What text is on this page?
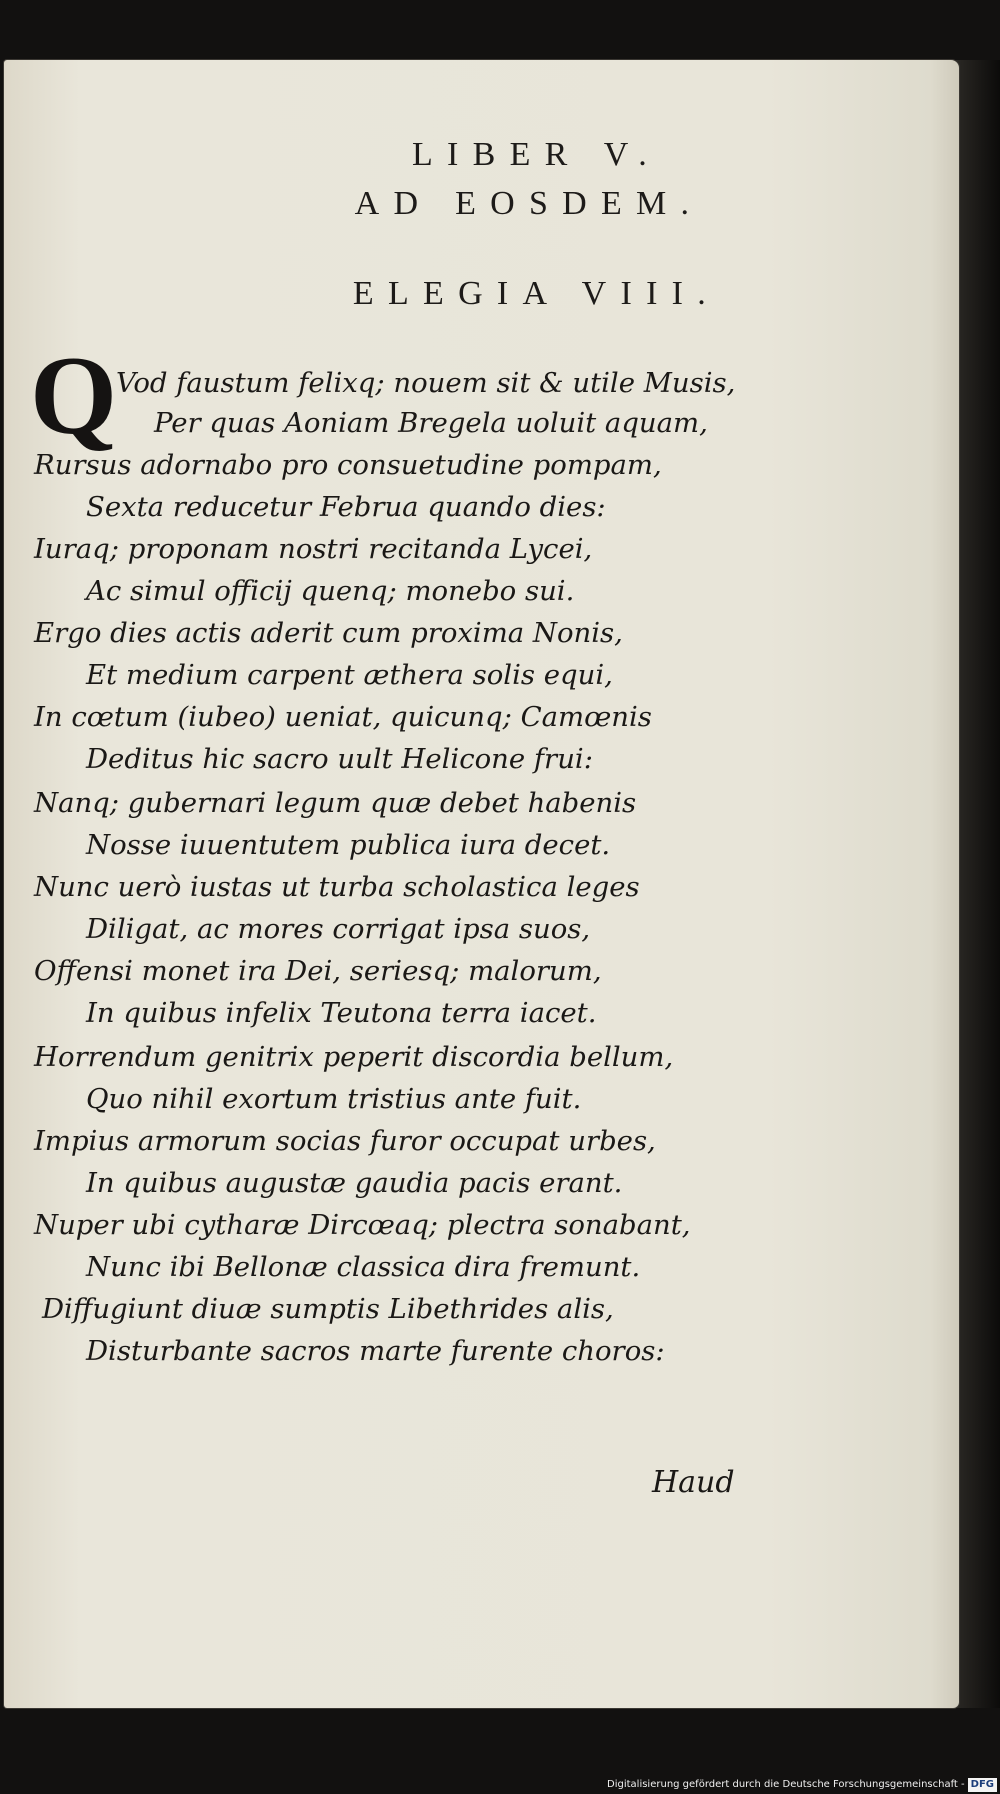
LIBER V.
AD EOSDEM.
ELEGIA VIII.
Q
Vod faustum felixq; nouem sit & utile Musis,
Per quas Aoniam Bregela uoluit aquam,
Rursus adornabo pro consuetudine pompam,
Sexta reducetur Februa quando dies:
Iuraq; proponam nostri recitanda Lycei,
Ac simul officij quenq; monebo sui.
Ergo dies actis aderit cum proxima Nonis,
Et medium carpent æthera solis equi,
In cœtum (iubeo) ueniat, quicunq; Camœnis
Deditus hic sacro uult Helicone frui:
Nanq; gubernari legum quæ debet habenis
Nosse iuuentutem publica iura decet.
Nunc uerò iustas ut turba scholastica leges
Diligat, ac mores corrigat ipsa suos,
Offensi monet ira Dei, seriesq; malorum,
In quibus infelix Teutona terra iacet.
Horrendum genitrix peperit discordia bellum,
Quo nihil exortum tristius ante fuit.
Impius armorum socias furor occupat urbes,
In quibus augustæ gaudia pacis erant.
Nuper ubi cytharæ Dircœaq; plectra sonabant,
Nunc ibi Bellonæ classica dira fremunt.
Diffugiunt diuæ sumptis Libethrides alis,
Disturbante sacros marte furente choros:
Haud
Digitalisierung gefördert durch die Deutsche Forschungsgemeinschaft - DFG
